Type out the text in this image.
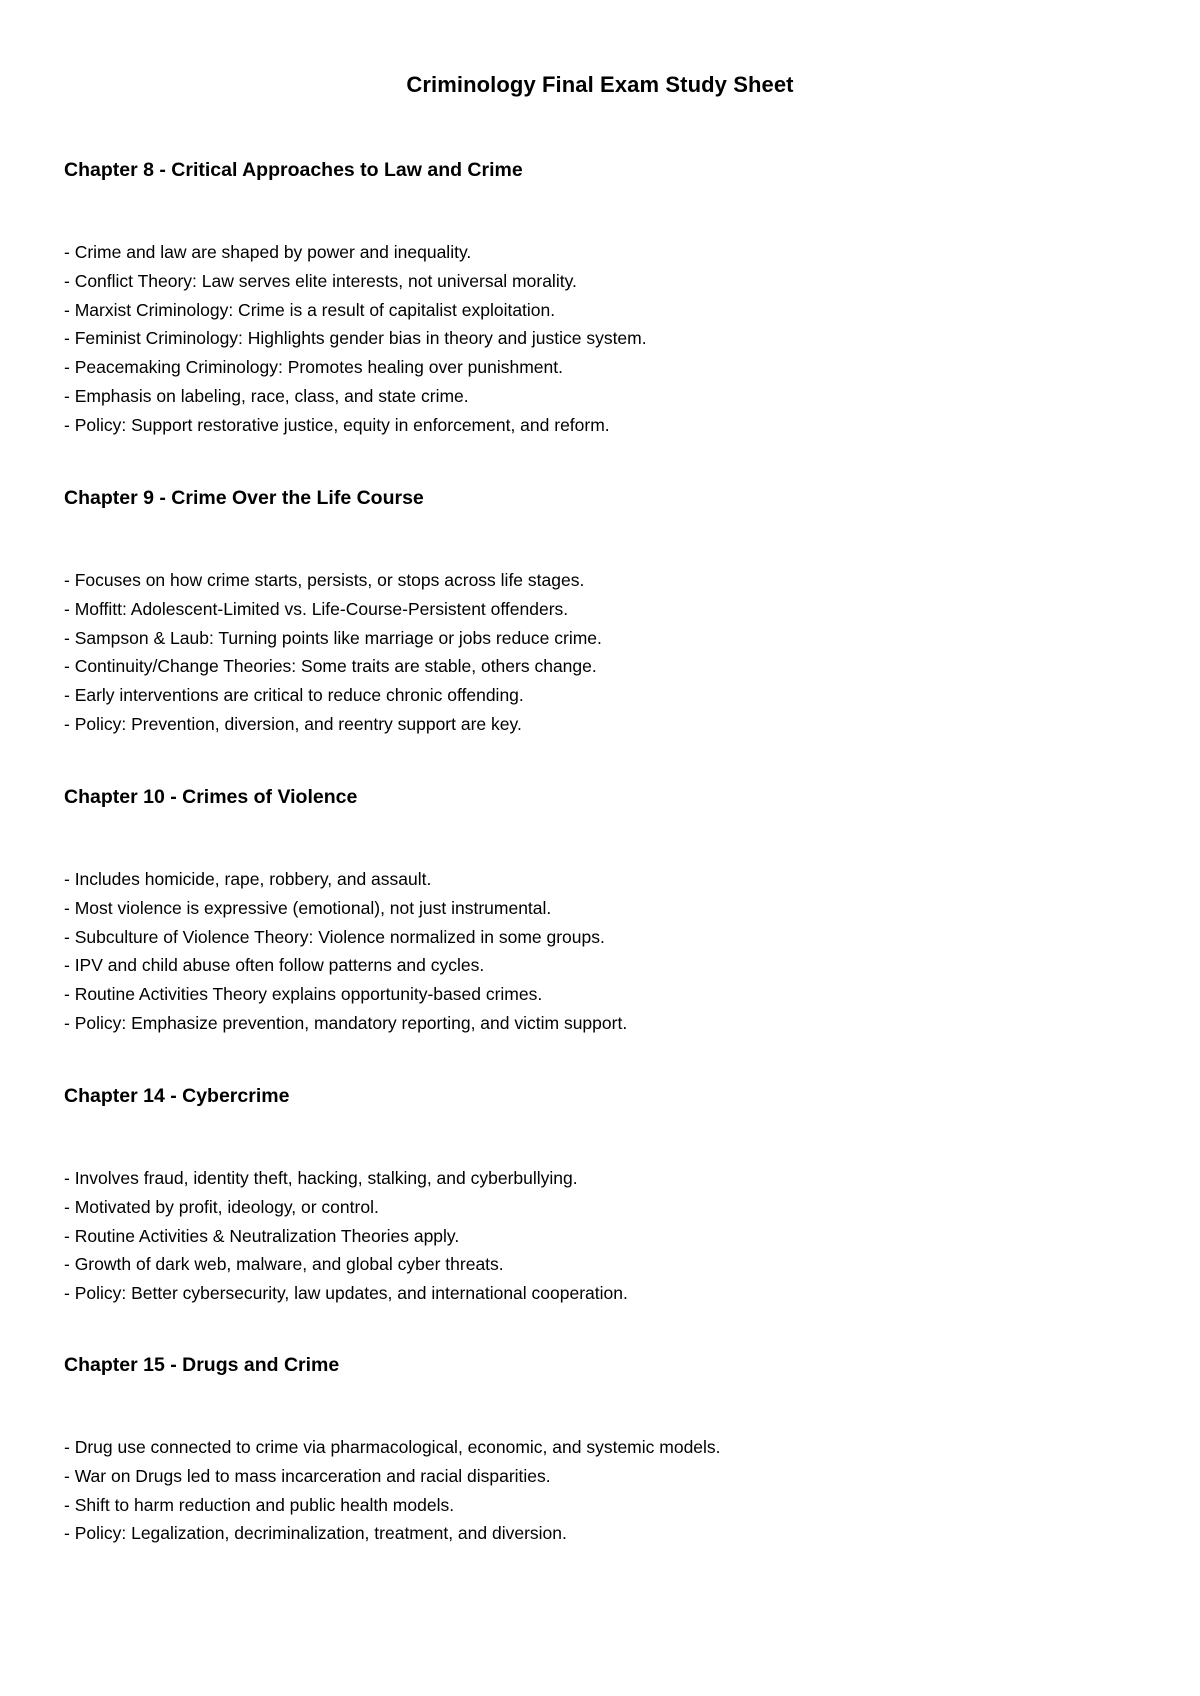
Criminology Final Exam Study Sheet
Chapter 8 - Critical Approaches to Law and Crime
- Crime and law are shaped by power and inequality.
- Conflict Theory: Law serves elite interests, not universal morality.
- Marxist Criminology: Crime is a result of capitalist exploitation.
- Feminist Criminology: Highlights gender bias in theory and justice system.
- Peacemaking Criminology: Promotes healing over punishment.
- Emphasis on labeling, race, class, and state crime.
- Policy: Support restorative justice, equity in enforcement, and reform.
Chapter 9 - Crime Over the Life Course
- Focuses on how crime starts, persists, or stops across life stages.
- Moffitt: Adolescent-Limited vs. Life-Course-Persistent offenders.
- Sampson & Laub: Turning points like marriage or jobs reduce crime.
- Continuity/Change Theories: Some traits are stable, others change.
- Early interventions are critical to reduce chronic offending.
- Policy: Prevention, diversion, and reentry support are key.
Chapter 10 - Crimes of Violence
- Includes homicide, rape, robbery, and assault.
- Most violence is expressive (emotional), not just instrumental.
- Subculture of Violence Theory: Violence normalized in some groups.
- IPV and child abuse often follow patterns and cycles.
- Routine Activities Theory explains opportunity-based crimes.
- Policy: Emphasize prevention, mandatory reporting, and victim support.
Chapter 14 - Cybercrime
- Involves fraud, identity theft, hacking, stalking, and cyberbullying.
- Motivated by profit, ideology, or control.
- Routine Activities & Neutralization Theories apply.
- Growth of dark web, malware, and global cyber threats.
- Policy: Better cybersecurity, law updates, and international cooperation.
Chapter 15 - Drugs and Crime
- Drug use connected to crime via pharmacological, economic, and systemic models.
- War on Drugs led to mass incarceration and racial disparities.
- Shift to harm reduction and public health models.
- Policy: Legalization, decriminalization, treatment, and diversion.
